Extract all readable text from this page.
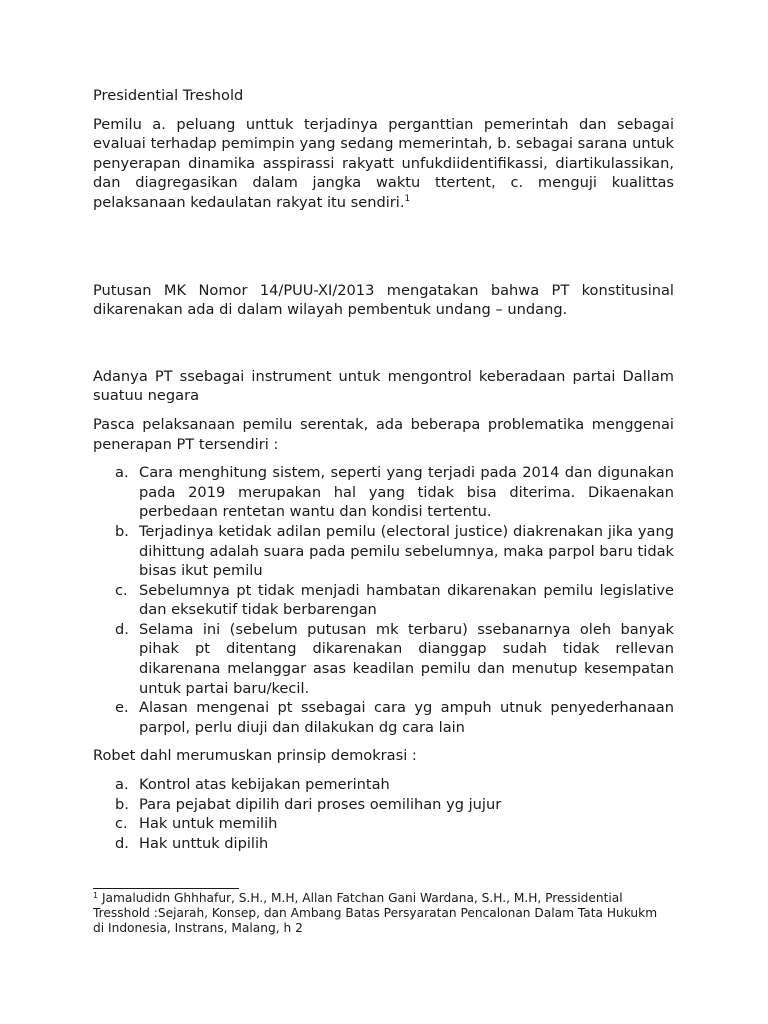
Presidential Treshold

Pemilu a. peluang unttuk terjadinya perganttian pemerintah dan sebagai evaluai terhadap pemimpin yang sedang memerintah, b. sebagai sarana untuk penyerapan dinamika asspirassi rakyatt unfukdiidentifikassi, diartikulassikan, dan diagregasikan dalam jangka waktu ttertent, c. menguji kualittas pelaksanaan kedaulatan rakyat itu sendiri.$^1$

Putusan MK Nomor 14/PUU-XI/2013 mengatakan bahwa PT konstitusinal dikarenakan ada di dalam wilayah pembentuk undang – undang.

Adanya PT ssebagai instrument untuk mengontrol keberadaan partai Dallam suatuu negara

Pasca pelaksanaan pemilu serentak, ada beberapa problematika menggenai penerapan PT tersendiri :

a. Cara menghitung sistem, seperti yang terjadi pada 2014 dan digunakan pada 2019 merupakan hal yang tidak bisa diterima. Dikaenakan perbedaan rentetan wantu dan kondisi tertentu.
b. Terjadinya ketidak adilan pemilu (electoral justice) diakrenakan jika yang dihittung adalah suara pada pemilu sebelumnya, maka parpol baru tidak bisas ikut pemilu
c. Sebelumnya pt tidak menjadi hambatan dikarenakan pemilu legislative dan eksekutif tidak berbarengan
d. Selama ini (sebelum putusan mk terbaru) ssebanarnya oleh banyak pihak pt ditentang dikarenakan dianggap sudah tidak rellevan dikarenana melanggar asas keadilan pemilu dan menutup kesempatan untuk partai baru/kecil.
e. Alasan mengenai pt ssebagai cara yg ampuh utnuk penyederhanaan parpol, perlu diuji dan dilakukan dg cara lain

Robet dahl merumuskan prinsip demokrasi :

a. Kontrol atas kebijakan pemerintah
b. Para pejabat dipilih dari proses oemilihan yg jujur
c. Hak untuk memilih
d. Hak unttuk dipilih
$^1$ Jamaludidn Ghhhafur, S.H., M.H, Allan Fatchan Gani Wardana, S.H., M.H, Pressidential Tresshold :Sejarah, Konsep, dan Ambang Batas Persyaratan Pencalonan Dalam Tata Hukukm di Indonesia, Instrans, Malang, h 2
